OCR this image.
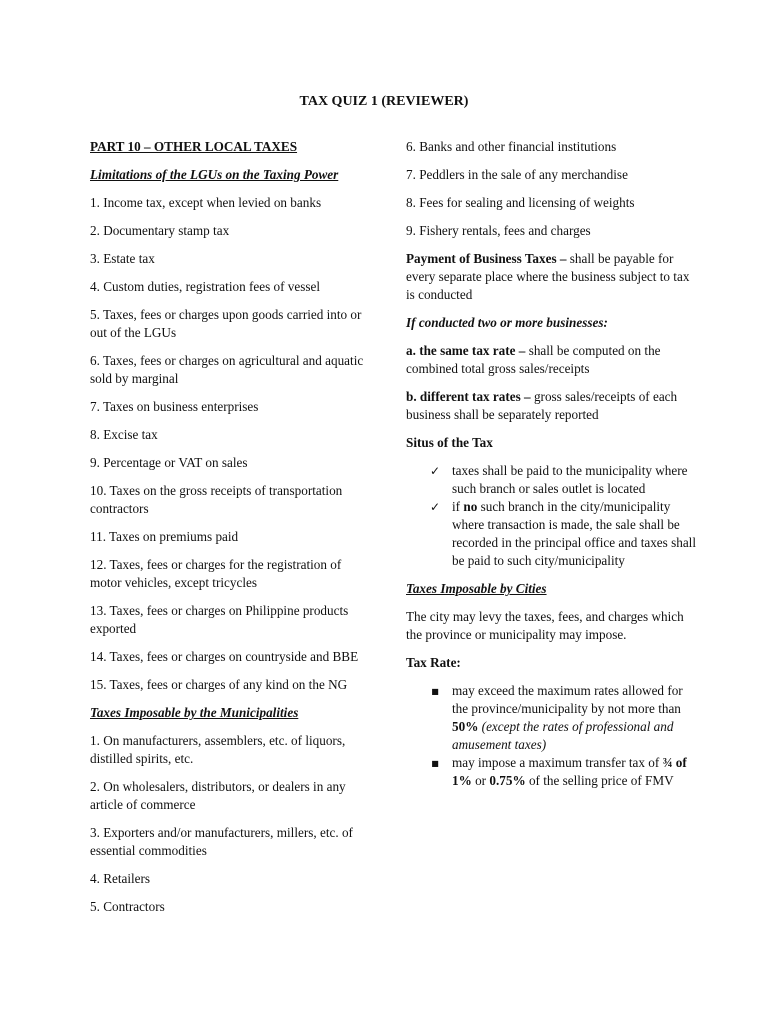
TAX QUIZ 1 (REVIEWER)

PART 10 – OTHER LOCAL TAXES

Limitations of the LGUs on the Taxing Power

1. Income tax, except when levied on banks

2. Documentary stamp tax

3. Estate tax

4. Custom duties, registration fees of vessel

5. Taxes, fees or charges upon goods carried into or out of the LGUs

6. Taxes, fees or charges on agricultural and aquatic sold by marginal

7. Taxes on business enterprises

8. Excise tax

9. Percentage or VAT on sales

10. Taxes on the gross receipts of transportation contractors

11. Taxes on premiums paid

12. Taxes, fees or charges for the registration of motor vehicles, except tricycles

13. Taxes, fees or charges on Philippine products exported

14. Taxes, fees or charges on countryside and BBE

15. Taxes, fees or charges of any kind on the NG

Taxes Imposable by the Municipalities

1. On manufacturers, assemblers, etc. of liquors, distilled spirits, etc.

2. On wholesalers, distributors, or dealers in any article of commerce

3. Exporters and/or manufacturers, millers, etc. of essential commodities

4. Retailers

5. Contractors

6. Banks and other financial institutions

7. Peddlers in the sale of any merchandise

8. Fees for sealing and licensing of weights

9. Fishery rentals, fees and charges

Payment of Business Taxes – shall be payable for every separate place where the business subject to tax is conducted

If conducted two or more businesses:

a. the same tax rate – shall be computed on the combined total gross sales/receipts

b. different tax rates – gross sales/receipts of each business shall be separately reported

Situs of the Tax

✓ taxes shall be paid to the municipality where such branch or sales outlet is located
✓ if no such branch in the city/municipality where transaction is made, the sale shall be recorded in the principal office and taxes shall be paid to such city/municipality

Taxes Imposable by Cities

The city may levy the taxes, fees, and charges which the province or municipality may impose.

Tax Rate:

■ may exceed the maximum rates allowed for the province/municipality by not more than 50% (except the rates of professional and amusement taxes)
■ may impose a maximum transfer tax of ¾ of 1% or 0.75% of the selling price of FMV
